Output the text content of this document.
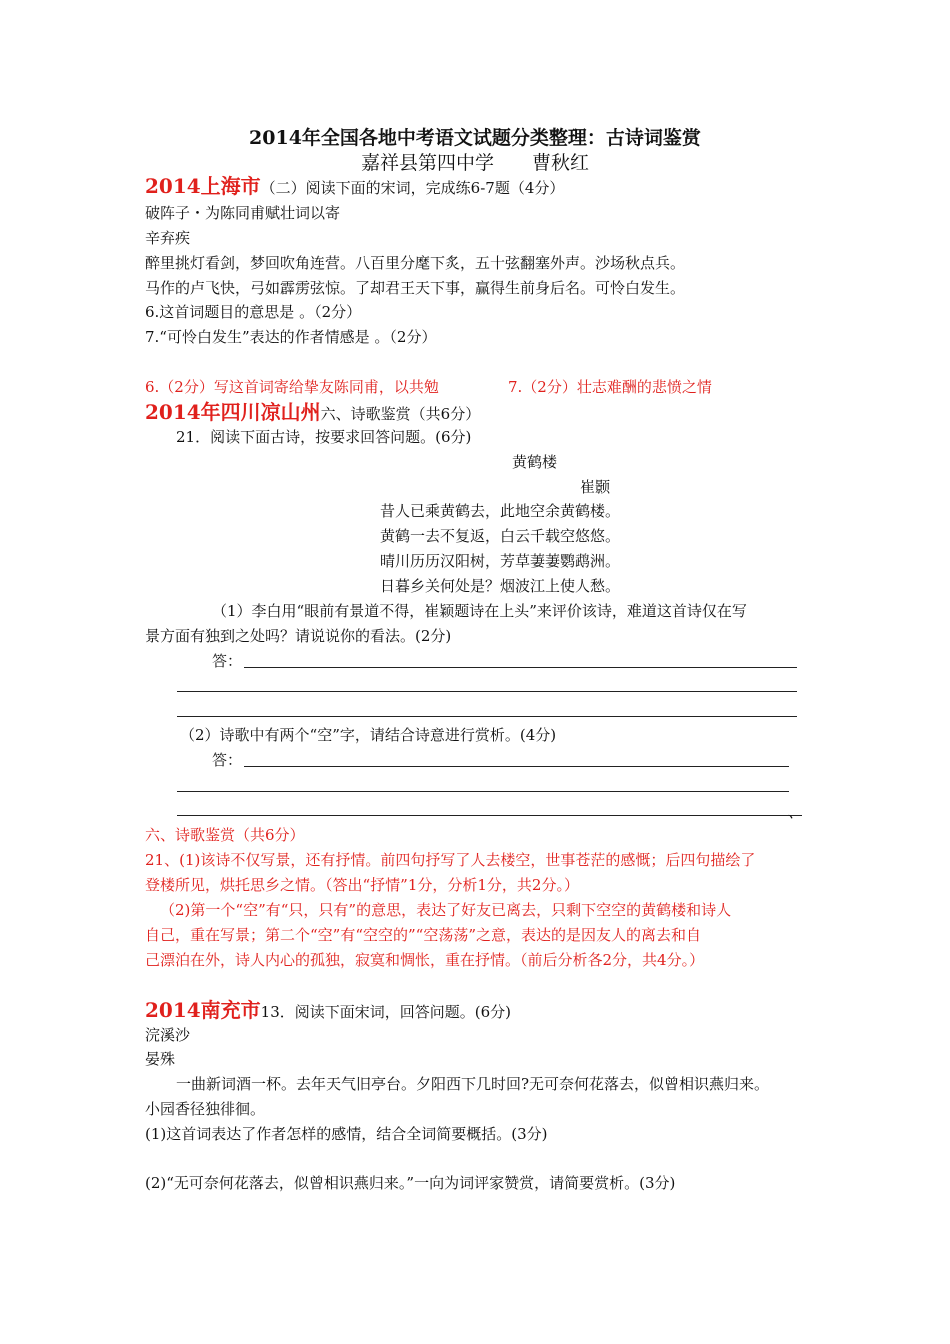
2014年全国各地中考语文试题分类整理：古诗词鉴赏
嘉祥县第四中学　　曹秋红
2014上海市（二）阅读下面的宋词，完成练6-7题（4分）
破阵子・为陈同甫赋壮词以寄
辛弃疾
醉里挑灯看剑，梦回吹角连营。八百里分麾下炙，五十弦翻塞外声。沙场秋点兵。
马作的卢飞快，弓如霹雳弦惊。了却君王天下事，赢得生前身后名。可怜白发生。
6.这首词题目的意思是 。（2分）
7.“可怜白发生”表达的作者情感是 。（2分）
6.（2分）写这首词寄给挚友陈同甫，以共勉	7.（2分）壮志难酬的悲愤之情
2014年四川凉山州六、诗歌鉴赏（共6分）
21．阅读下面古诗，按要求回答问题。(6分)
黄鹤楼
崔颢
昔人已乘黄鹤去，此地空余黄鹤楼。
黄鹤一去不复返，白云千载空悠悠。
晴川历历汉阳树，芳草萋萋鹦鹉洲。
日暮乡关何处是？烟波江上使人愁。
（1）李白用“眼前有景道不得，崔颖题诗在上头”来评价该诗，难道这首诗仅在写
景方面有独到之处吗？请说说你的看法。(2分)
答：
（2）诗歌中有两个“空”字，请结合诗意进行赏析。(4分)
答：
、
六、诗歌鉴赏（共6分）
21、(1)该诗不仅写景，还有抒情。前四句抒写了人去楼空，世事苍茫的感慨；后四句描绘了
登楼所见，烘托思乡之情。（答出“抒情”1分，分析1分，共2分。）
（2)第一个“空”有“只，只有”的意思，表达了好友已离去，只剩下空空的黄鹤楼和诗人
自己，重在写景；第二个“空”有“空空的”“空荡荡”之意，表达的是因友人的离去和自
己漂泊在外，诗人内心的孤独，寂寞和惆怅，重在抒情。（前后分析各2分，共4分。）
2014南充市13．阅读下面宋词，回答问题。(6分)
浣溪沙
晏殊
一曲新词酒一杯。去年天气旧亭台。夕阳西下几时回?无可奈何花落去，似曾相识燕归来。
小园香径独徘徊。
(1)这首词表达了作者怎样的感情，结合全词简要概括。(3分)
(2)“无可奈何花落去，似曾相识燕归来。”一向为词评家赞赏，请简要赏析。(3分)
